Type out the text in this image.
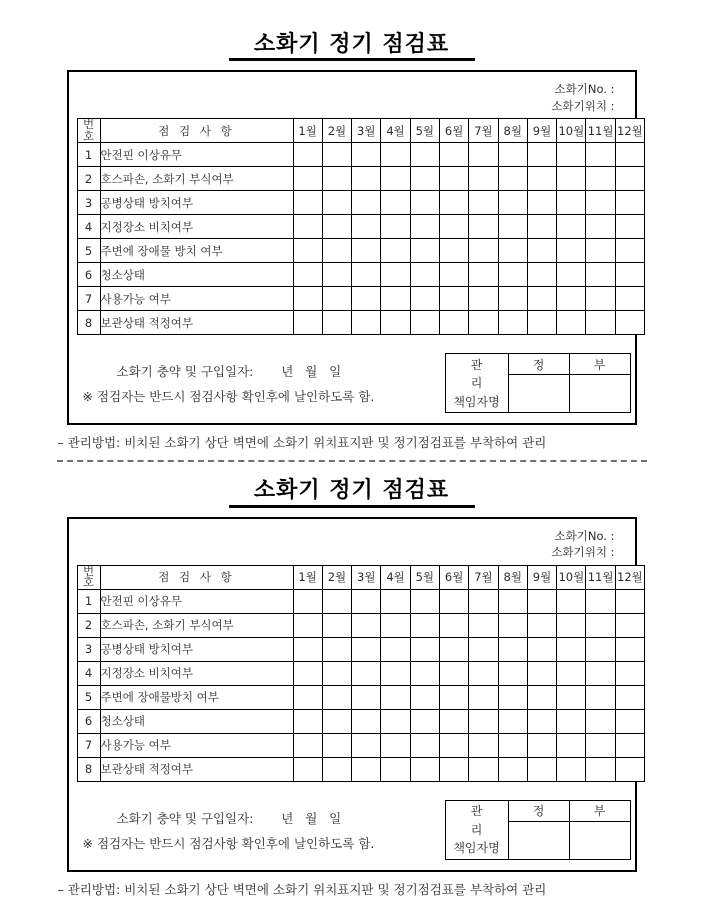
소화기 정기 점검표
소화기No. :
소화기위치 :
번
호	점 검 사 항	1월	2월	3월	4월	5월	6월	7월	8월	9월	10월	11월	12월
1	안전핀 이상유무												
2	호스파손, 소화기 부식여부												
3	공병상태 방치여부												
4	지정장소 비치여부												
5	주변에 장애물 방치 여부												
6	청소상태												
7	사용가능 여부												
8	보관상태 적정여부												
소화기 충약 및 구입일자:       년   월   일
※ 점검자는 반드시 점검사항 확인후에 날인하도록 함.
관 리
책임자명	정	부

– 관리방법: 비치된 소화기 상단 벽면에 소화기 위치표지판 및 정기점검표를 부착하여 관리
소화기 정기 점검표
소화기No. :
소화기위치 :
번
호	점 검 사 항	1월	2월	3월	4월	5월	6월	7월	8월	9월	10월	11월	12월
1	안전핀 이상유무												
2	호스파손, 소화기 부식여부												
3	공병상태 방치여부												
4	지정장소 비치여부												
5	주변에 장애물방치 여부												
6	청소상태												
7	사용가능 여부												
8	보관상태 적정여부												
소화기 충약 및 구입일자:       년   월   일
※ 점검자는 반드시 점검사항 확인후에 날인하도록 함.
관 리
책임자명	정	부

– 관리방법: 비치된 소화기 상단 벽면에 소화기 위치표지판 및 정기점검표를 부착하여 관리
